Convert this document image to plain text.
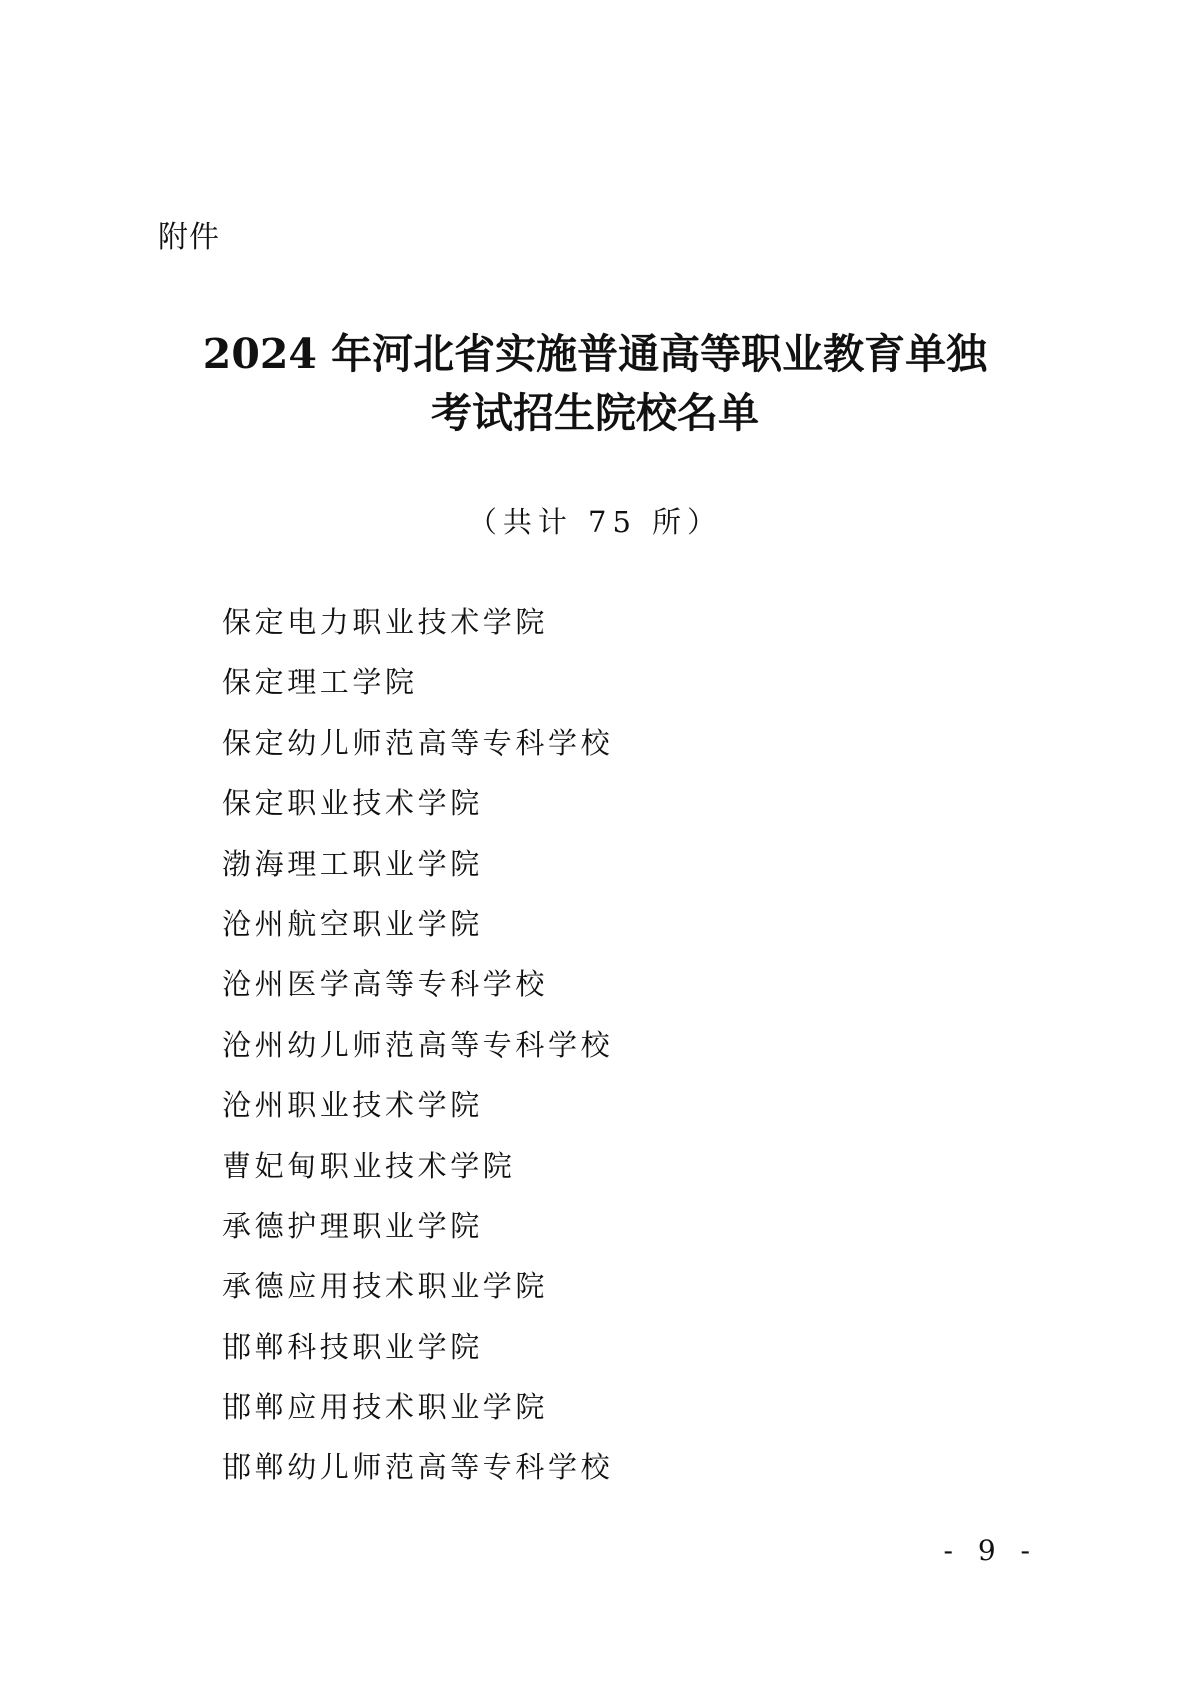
附件
2024 年河北省实施普通高等职业教育单独
考试招生院校名单
（共计 75 所）
保定电力职业技术学院
保定理工学院
保定幼儿师范高等专科学校
保定职业技术学院
渤海理工职业学院
沧州航空职业学院
沧州医学高等专科学校
沧州幼儿师范高等专科学校
沧州职业技术学院
曹妃甸职业技术学院
承德护理职业学院
承德应用技术职业学院
邯郸科技职业学院
邯郸应用技术职业学院
邯郸幼儿师范高等专科学校
- 9 -
